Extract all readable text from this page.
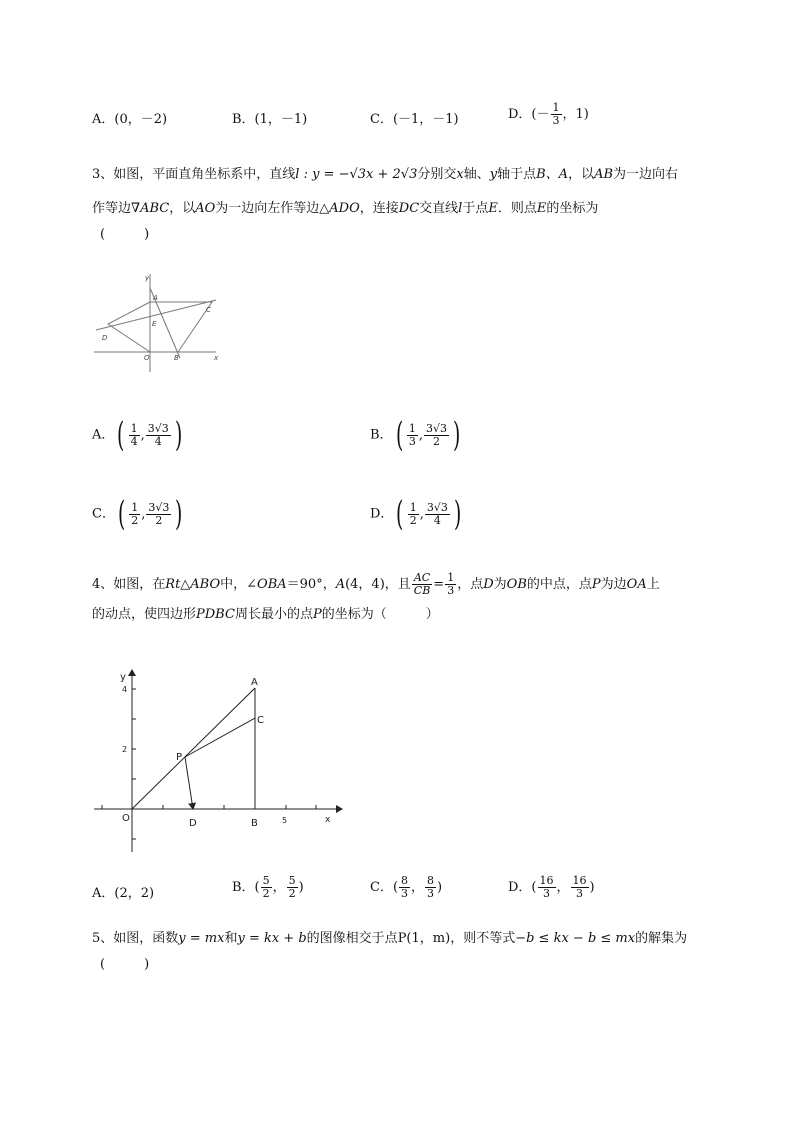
A．(0，－2)	B．(1，－1)	C．(－1，－1)	D．(－ $\frac{1}{3}$ ，1)
3、如图，平面直角坐标系中，直线l : y = −√3x + 2√3分别交x轴、y轴于点B、A，以AB为一边向右
作等边∇ABC，以AO为一边向左作等边△ADO，连接DC交直线l于点E．则点E的坐标为
(　　　)
y
x
A
C
E
D
O	B
A． ( $\frac{1}{4}$ , $\frac{3√3}{4}$ )	B． ( $\frac{1}{3}$ , $\frac{3√3}{2}$ )
C． ( $\frac{1}{2}$ , $\frac{3√3}{2}$ )	D． ( $\frac{1}{2}$ , $\frac{3√3}{4}$ )
4、如图，在Rt△ABO中，∠OBA＝90°，A(4，4)，且 $\frac{AC}{CB} = \frac{1}{3}$ ，点D为OB的中点，点P为边OA上
的动点，使四边形PDBC周长最小的点P的坐标为（　　　）
y
x
4
2
5
A
C
P
O	D	B
A．(2，2)	B．( $\frac{5}{2}$ ， $\frac{5}{2}$ )	C．( $\frac{8}{3}$ ， $\frac{8}{3}$ )	D．( $\frac{16}{3}$ ， $\frac{16}{3}$ )
5、如图，函数y = mx和y = kx + b的图像相交于点P(1，m)，则不等式−b ≤ kx − b ≤ mx的解集为
(　　　)
